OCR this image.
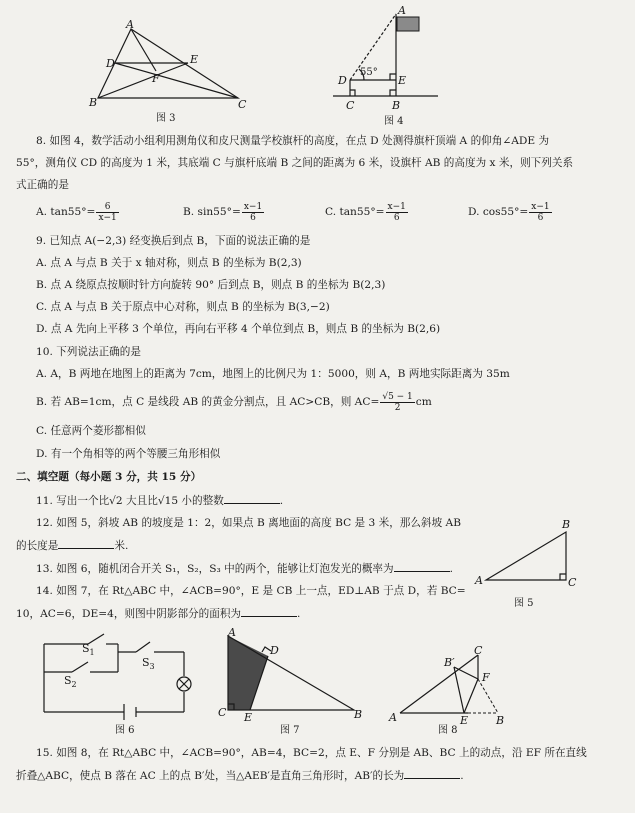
A
D	E
F
B	C
图 3
A
D	E
55°
C	B
图 4
8. 如图 4，数学活动小组利用测角仪和皮尺测量学校旗杆的高度，在点 D 处测得旗杆顶端 A 的仰角∠ADE 为
55°，测角仪 CD 的高度为 1 米，其底端 C 与旗杆底端 B 之间的距离为 6 米，设旗杆 AB 的高度为 x 米，则下列关系
式正确的是
A. $\tan 55^\circ= \frac{6}{x-1}$	B. $\sin 55^\circ= \frac{x-1}{6}$	C. $\tan 55^\circ= \frac{x-1}{6}$	D. $\cos 55^\circ= \frac{x-1}{6}$
9. 已知点 A(−2,3) 经变换后到点 B，下面的说法正确的是
A. 点 A 与点 B 关于 x 轴对称，则点 B 的坐标为 B(2,3)
B. 点 A 绕原点按顺时针方向旋转 90° 后到点 B，则点 B 的坐标为 B(2,3)
C. 点 A 与点 B 关于原点中心对称，则点 B 的坐标为 B(3,−2)
D. 点 A 先向上平移 3 个单位，再向右平移 4 个单位到点 B，则点 B 的坐标为 B(2,6)
10. 下列说法正确的是
A. A，B 两地在地图上的距离为 7cm，地图上的比例尺为 1：5000，则 A，B 两地实际距离为 35m
B. 若 AB=1cm，点 C 是线段 AB 的黄金分割点，且 AC>CB，则 $AC= \frac{√5 - 1}{2}$ cm
C. 任意两个菱形都相似
D. 有一个角相等的两个等腰三角形相似
二、填空题（每小题 3 分，共 15 分）
11. 写出一个比√2 大且比√15 小的整数	.
12. 如图 5，斜坡 AB 的坡度是 1：2，如果点 B 离地面的高度 BC 是 3 米，那么斜坡 AB
的长度是	米.
A
B
C
图 5
13. 如图 6，随机闭合开关 S₁，S₂，S₃ 中的两个，能够让灯泡发光的概率为	.
14. 如图 7，在 Rt△ABC 中，∠ACB=90°，E 是 CB 上一点，ED⊥AB 于点 D，若 BC=
10，AC=6，DE=4，则图中阴影部分的面积为	.
$S_1$
$S_2$
$S_3$
图 6
A
D
C E	B
图 7
A
B′
C
F
E	B
图 8
15. 如图 8，在 Rt△ABC 中，∠ACB=90°，AB=4，BC=2，点 E、F 分别是 AB、BC 上的动点，沿 EF 所在直线
折叠△ABC，使点 B 落在 AC 上的点 B′处，当△AEB′是直角三角形时，AB′的长为	.
